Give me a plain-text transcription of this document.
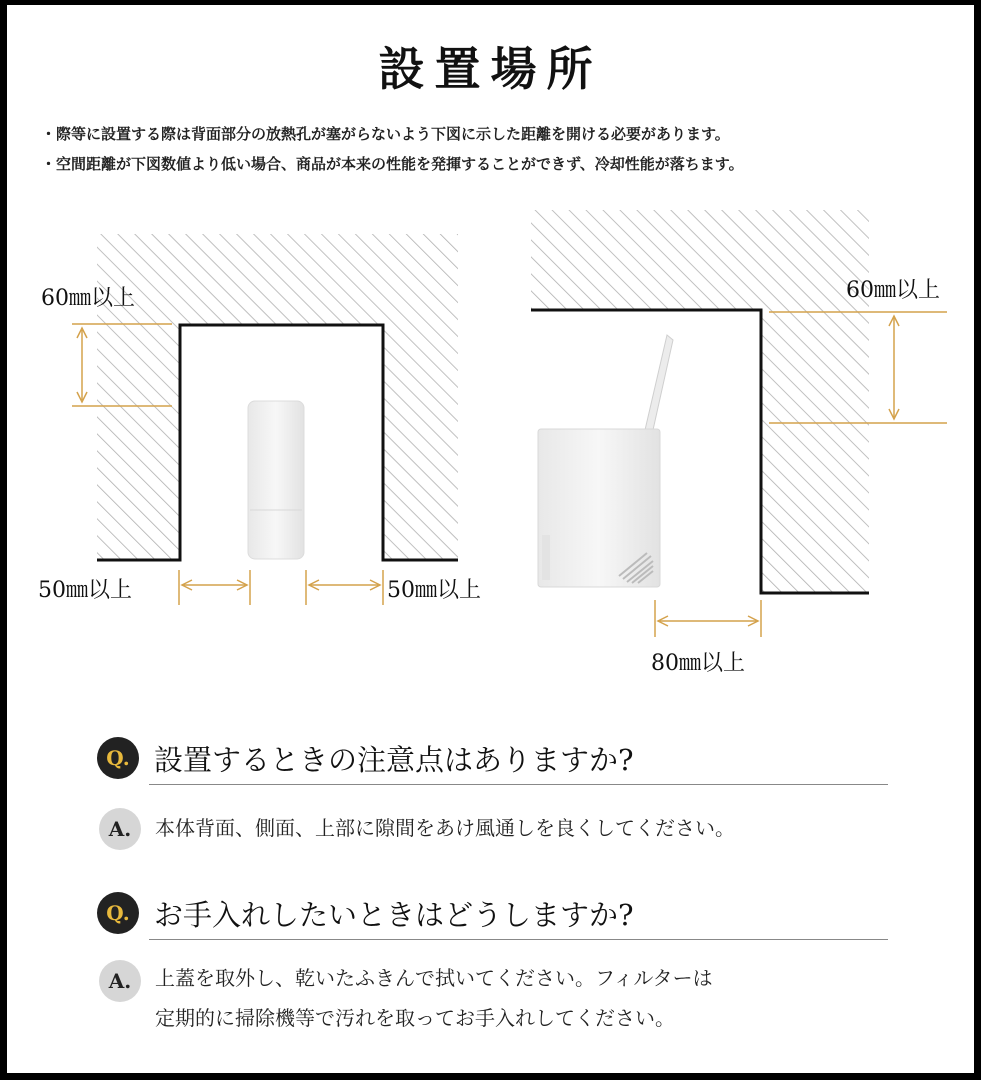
設置場所
・際等に設置する際は背面部分の放熱孔が塞がらないよう下図に示した距離を開ける必要があります。
・空間距離が下図数値より低い場合、商品が本来の性能を発揮することができず、冷却性能が落ちます。
60㎜以上
50㎜以上	50㎜以上
60㎜以上
80㎜以上
Q. 設置するときの注意点はありますか?
A.	本体背面、側面、上部に隙間をあけ風通しを良くしてください。
Q. お手入れしたいときはどうしますか?
A.	上蓋を取外し、乾いたふきんで拭いてください。フィルターは
定期的に掃除機等で汚れを取ってお手入れしてください。
